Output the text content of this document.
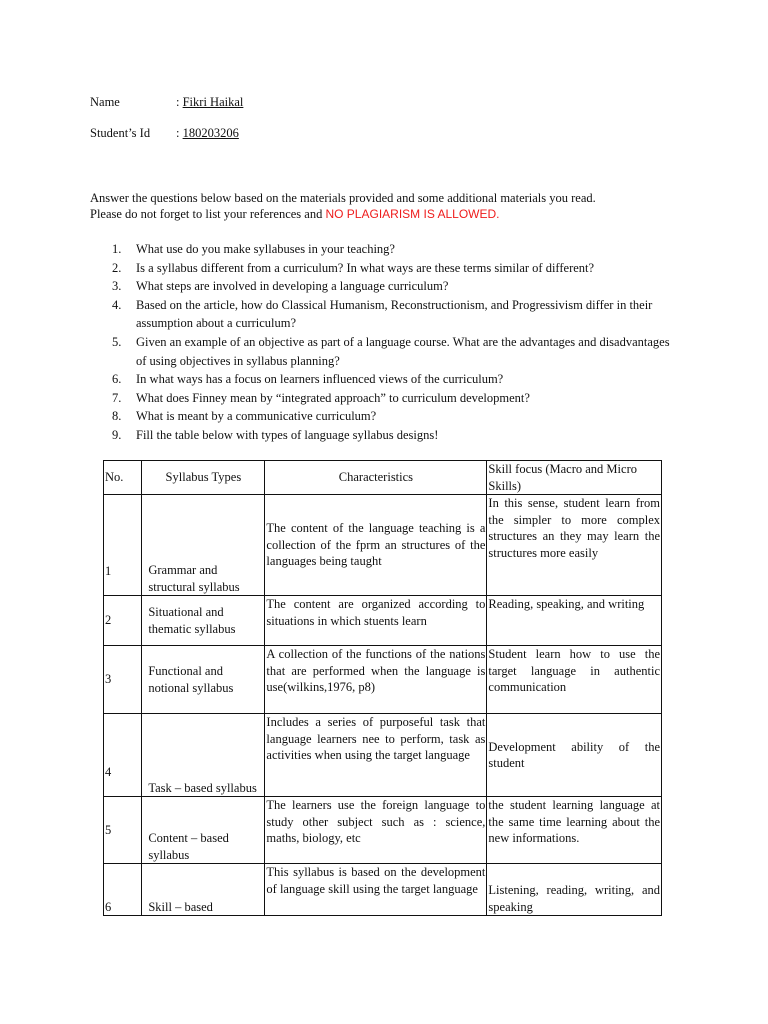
Name	: Fikri Haikal
Student’s Id : 180203206

Answer the questions below based on the materials provided and some additional materials you read.

Please do not forget to list your references and NO PLAGIARISM IS ALLOWED.

1. What use do you make syllabuses in your teaching?
2. Is a syllabus different from a curriculum? In what ways are these terms similar of different?
3. What steps are involved in developing a language curriculum?
4. Based on the article, how do Classical Humanism, Reconstructionism, and Progressivism differ in their assumption about a curriculum?
5. Given an example of an objective as part of a language course. What are the advantages and disadvantages of using objectives in syllabus planning?
6. In what ways has a focus on learners influenced views of the curriculum?
7. What does Finney mean by “integrated approach” to curriculum development?
8. What is meant by a communicative curriculum?
9. Fill the table below with types of language syllabus designs!
No.	Syllabus Types	Characteristics	Skill focus (Macro and Micro Skills)
1	Grammar and structural syllabus	The content of the language teaching is a collection of the fprm an structures of the languages being taught	In this sense, student learn from the simpler to more complex structures an they may learn the structures more easily
2	Situational and thematic syllabus	The content are organized according to situations in which stuents learn	Reading, speaking, and writing
3	Functional and notional syllabus	A collection of the functions of the nations that are performed when the language is use(wilkins,1976, p8)	Student learn how to use the target language in authentic communication
4	Task – based syllabus	Includes a series of purposeful task that language learners nee to perform, task as activities when using the target language	Development ability of the student
5	Content – based syllabus	The learners use the foreign language to study other subject such as : science, maths, biology, etc	the student learning language at the same time learning about the new informations.
6	Skill – based	This syllabus is based on the development of language skill using the target language	Listening, reading, writing, and speaking
